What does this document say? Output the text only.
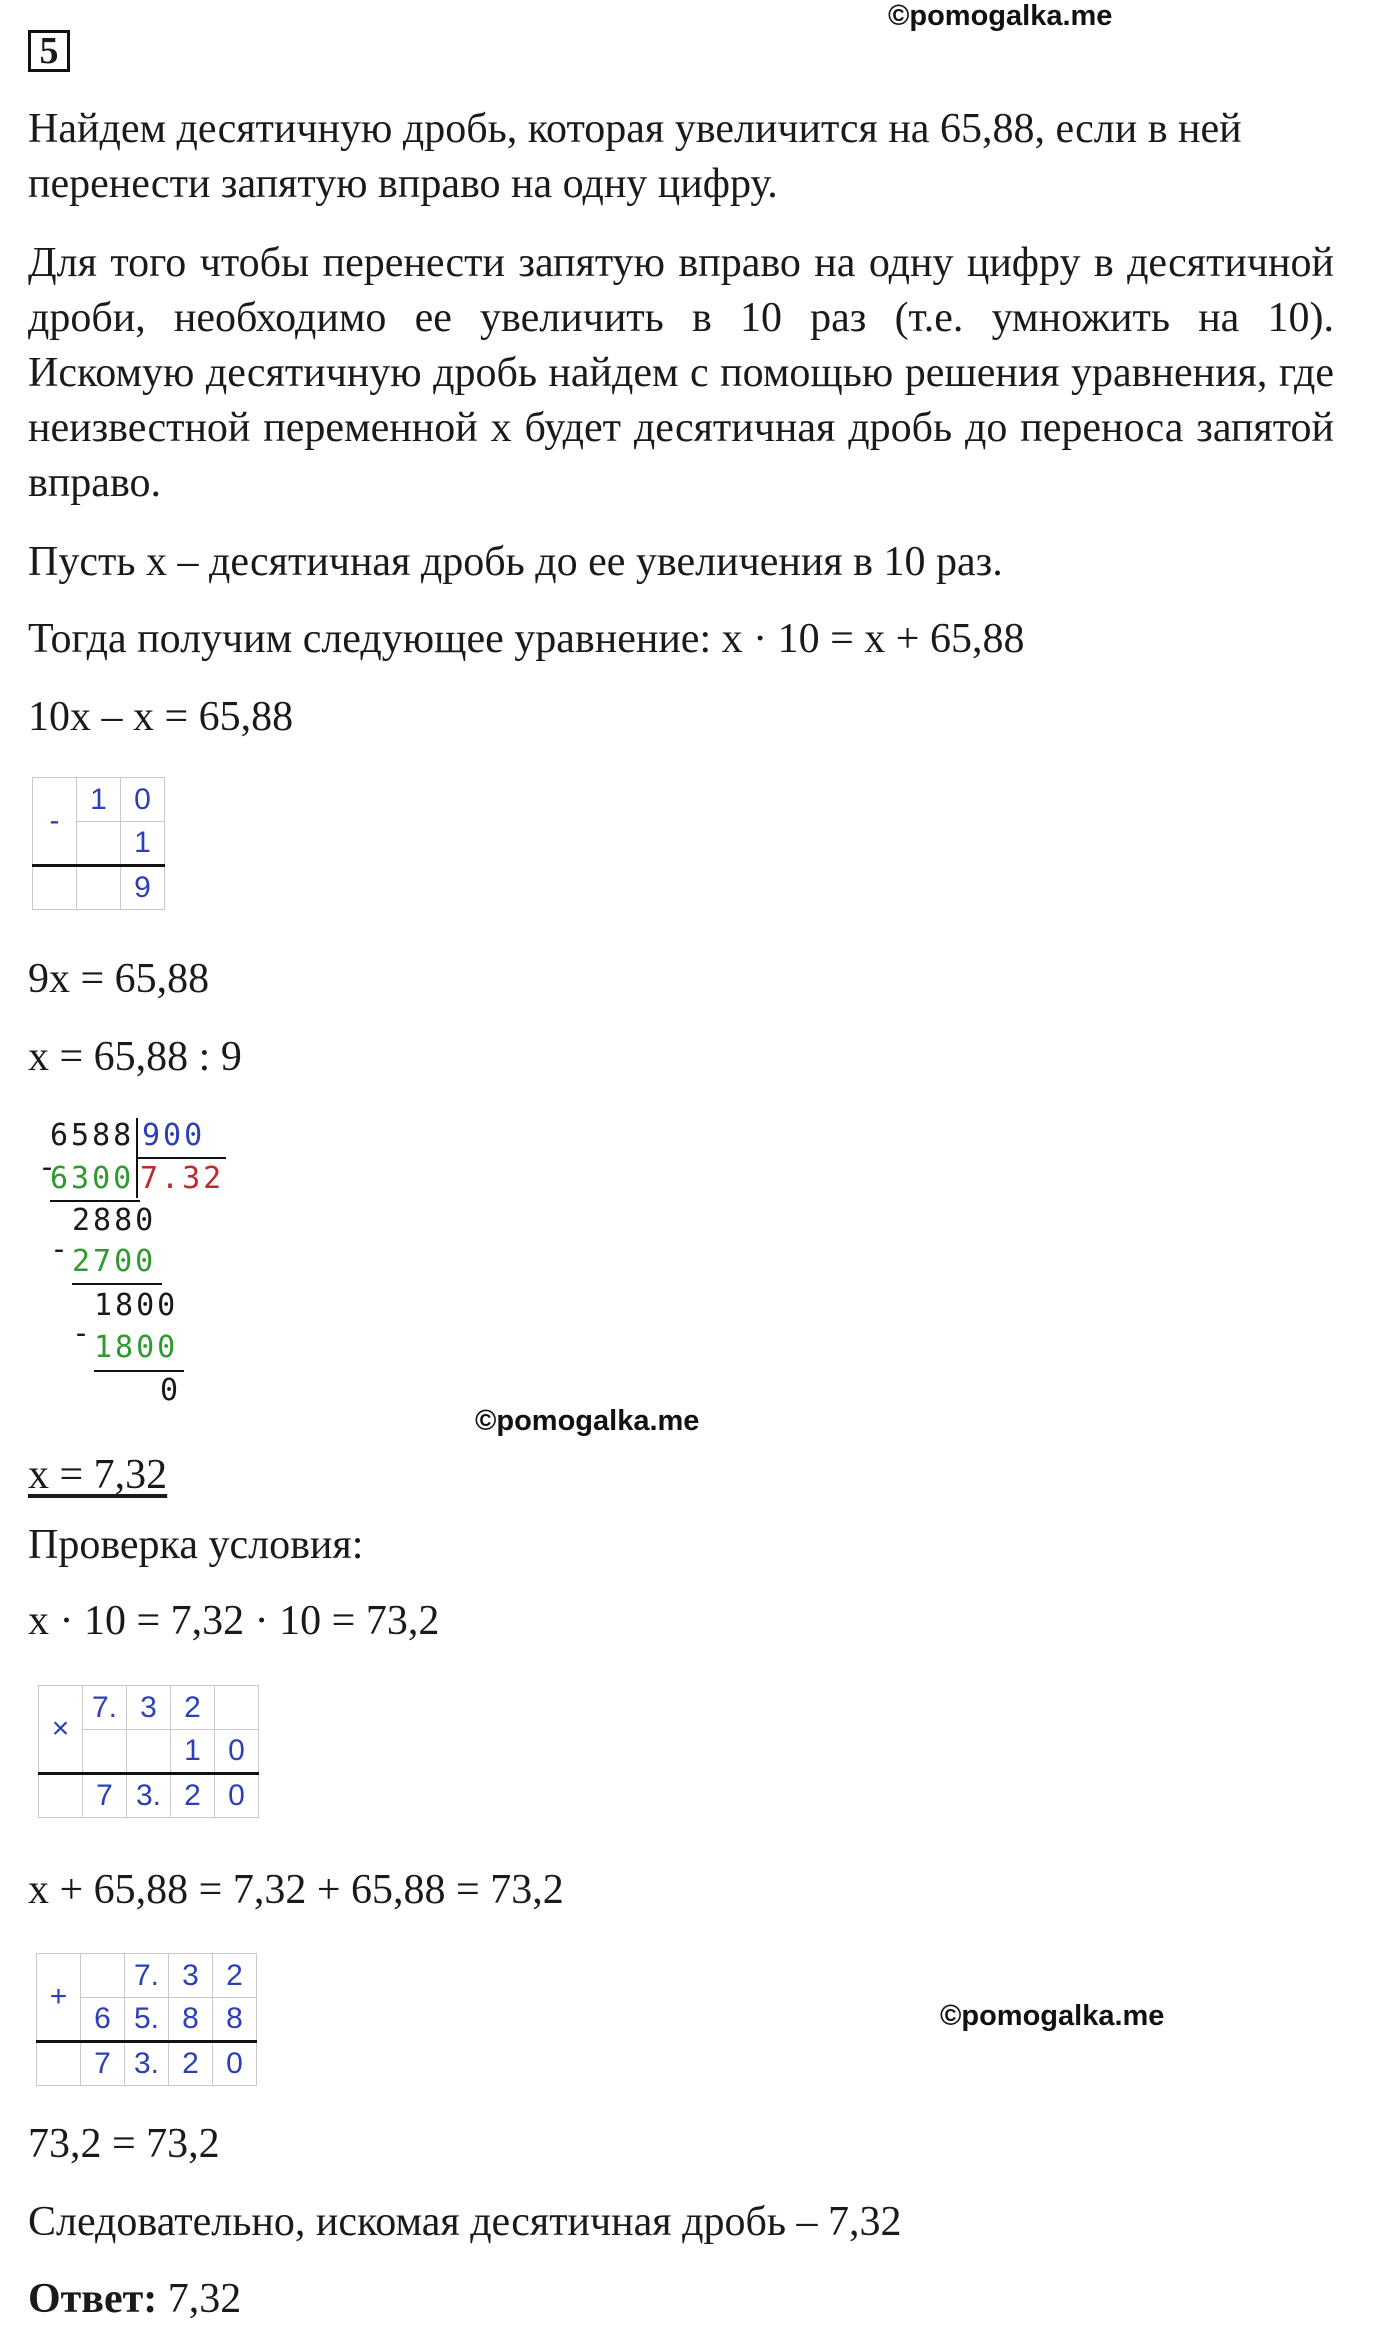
5
©pomogalka.me

Найдем десятичную дробь, которая увеличится на 65,88, если в ней перенести запятую вправо на одну цифру.

Для того чтобы перенести запятую вправо на одну цифру в десятичной дроби, необходимо ее увеличить в 10 раз (т.е. умножить на 10). Искомую десятичную дробь найдем с помощью решения уравнения, где неизвестной переменной x будет десятичная дробь до переноса запятой вправо.

Пусть x – десятичная дробь до ее увеличения в 10 раз.

Тогда получим следующее уравнение: x · 10 = x + 65,88

10x – x = 65,88

-	1	0
		1
		9

9x = 65,88

x = 65,88 : 9

6588 900
-
6300 7.32
2880
- 2700
1800
- 1800
0
©pomogalka.me

x = 7,32

Проверка условия:

x · 10 = 7,32 · 10 = 73,2

×	7.	3	2	
			1	0
	7	3.	2	0

x + 65,88 = 7,32 + 65,88 = 73,2

+		7.	3	2
	6	5.	8	8
	7	3.	2	0
©pomogalka.me

73,2 = 73,2

Следовательно, искомая десятичная дробь – 7,32

Ответ: 7,32
